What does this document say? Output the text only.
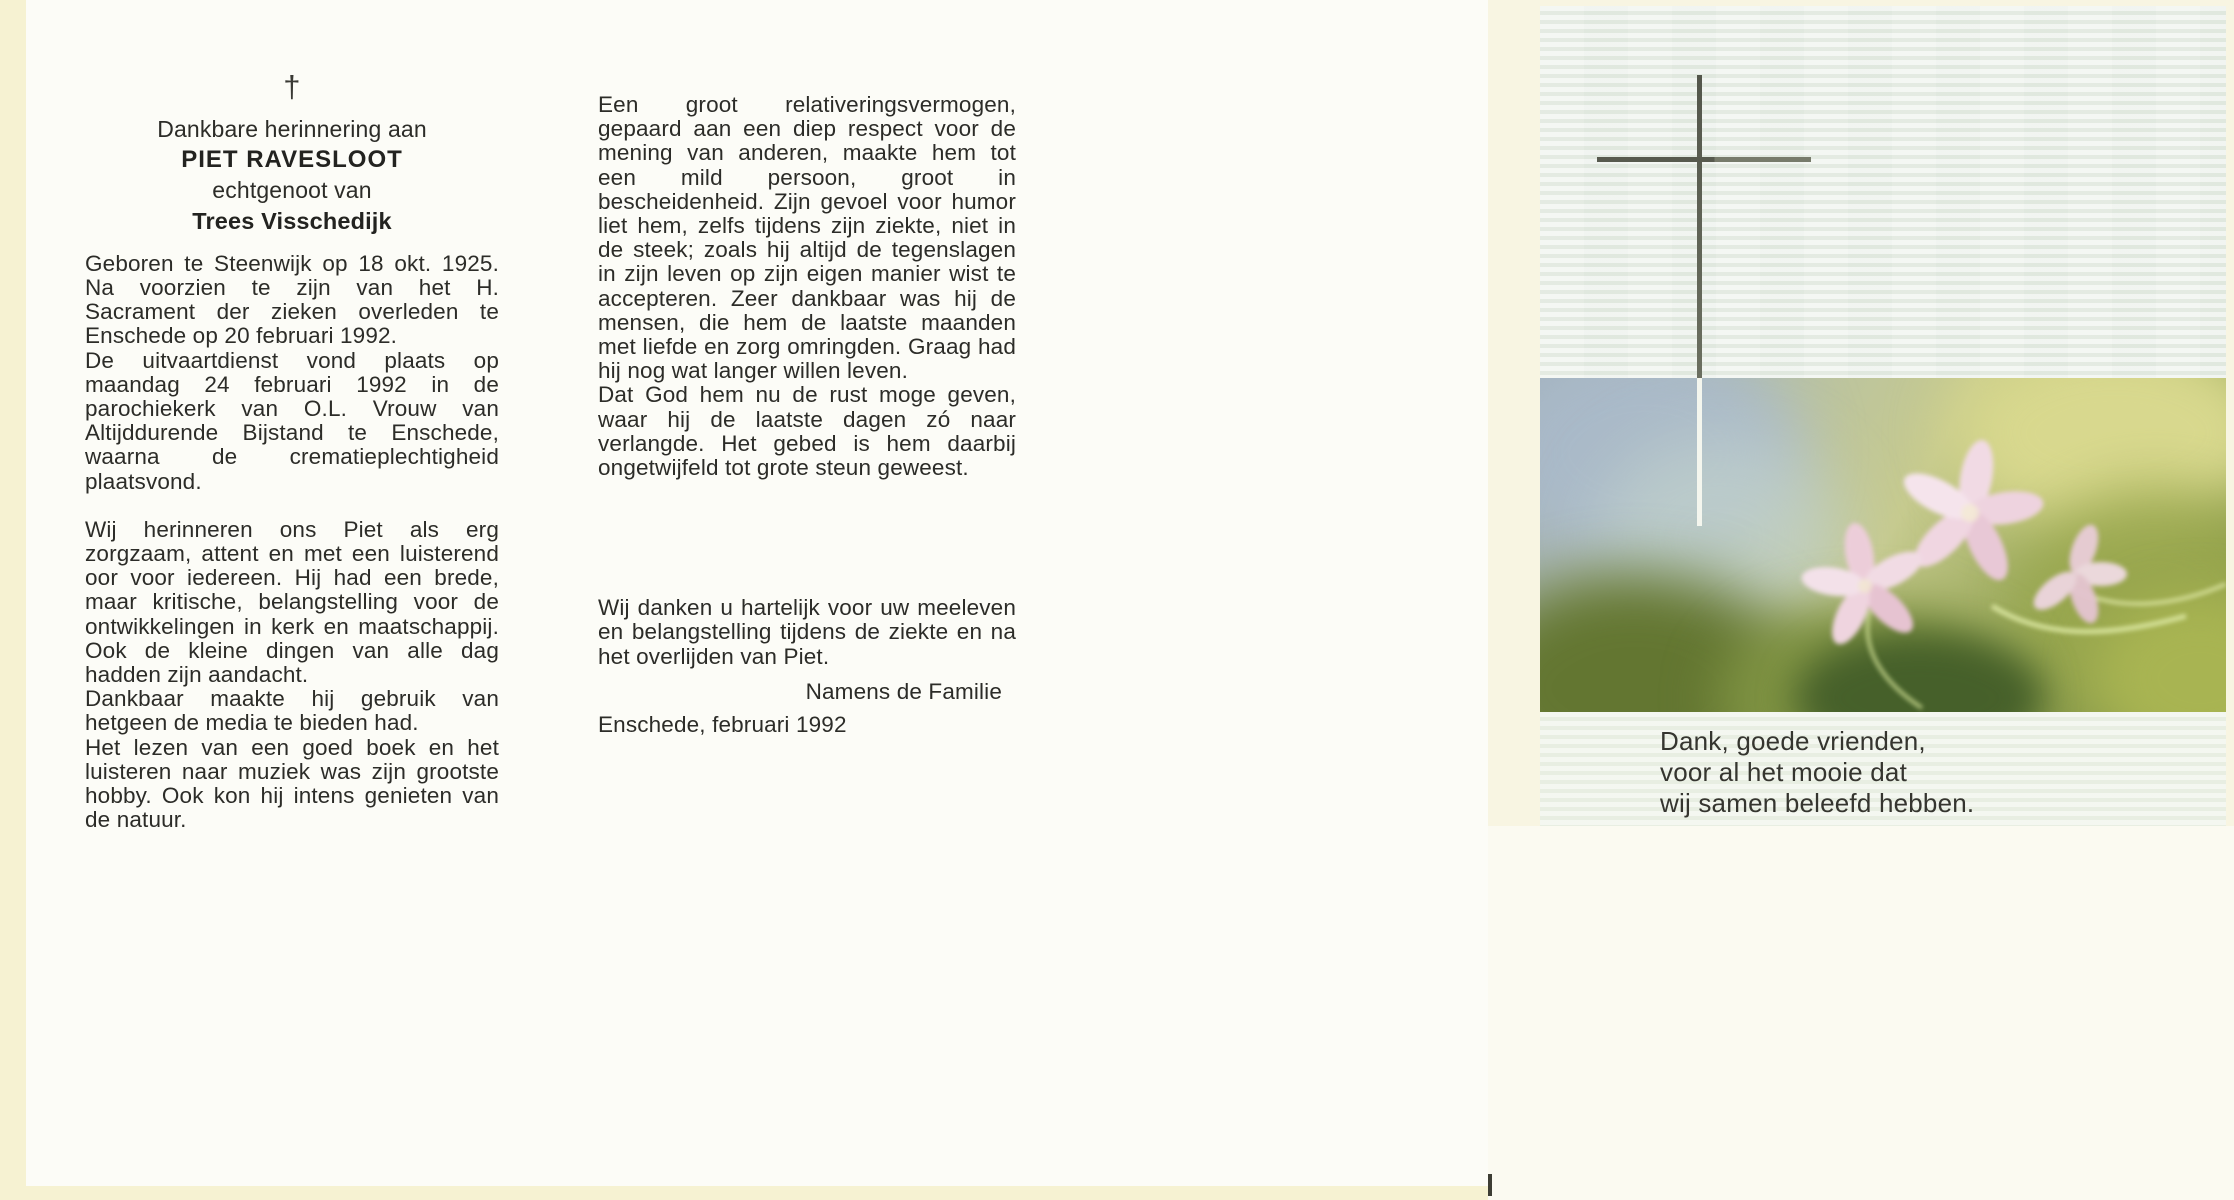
†
Dankbare herinnering aan
PIET RAVESLOOT
echtgenoot van
Trees Visschedijk

Geboren te Steenwijk op 18 okt. 1925. Na voorzien te zijn van het H. Sacrament der zieken overleden te Enschede op 20 februari 1992.

De uitvaartdienst vond plaats op maandag 24 februari 1992 in de parochiekerk van O.L. Vrouw van Altijddurende Bijstand te Enschede, waarna de crematieplechtigheid plaatsvond.

Wij herinneren ons Piet als erg zorgzaam, attent en met een luisterend oor voor iedereen. Hij had een brede, maar kritische, belangstelling voor de ontwikkelingen in kerk en maatschappij. Ook de kleine dingen van alle dag hadden zijn aandacht.

Dankbaar maakte hij gebruik van hetgeen de media te bieden had.

Het lezen van een goed boek en het luisteren naar muziek was zijn grootste hobby. Ook kon hij intens genieten van de natuur.

Een groot relativeringsvermogen, gepaard aan een diep respect voor de mening van anderen, maakte hem tot een mild persoon, groot in bescheidenheid. Zijn gevoel voor humor liet hem, zelfs tijdens zijn ziekte, niet in de steek; zoals hij altijd de tegenslagen in zijn leven op zijn eigen manier wist te accepteren. Zeer dankbaar was hij de mensen, die hem de laatste maanden met liefde en zorg omringden. Graag had hij nog wat langer willen leven.

Dat God hem nu de rust moge geven, waar hij de laatste dagen zó naar verlangde. Het gebed is hem daarbij ongetwijfeld tot grote steun geweest.

Wij danken u hartelijk voor uw meeleven en belangstelling tijdens de ziekte en na het overlijden van Piet.

Namens de Familie

Enschede, februari 1992

Dank, goede vrienden,
voor al het mooie dat
wij samen beleefd hebben.
